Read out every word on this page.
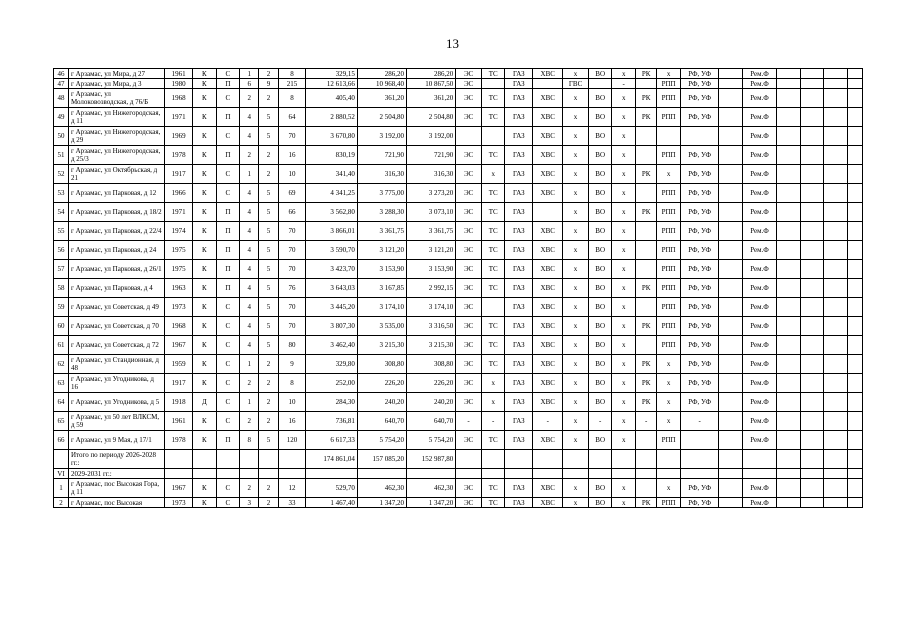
13
46	г Арзамас, ул Мира, д 27	1961	К	С	1	2	8	329,15	286,20	286,20	ЭС	ТС	ГАЗ	ХВС	х	ВО	х	РК	х	РФ, УФ		Рем.Ф				
47	г Арзамас, ул Мира, д 3	1980	К	П	6	9	215	12 613,66	10 968,40	10 867,50	ЭС		ГАЗ		ГВС		-		РПП	РФ, УФ		Рем.Ф				
48	г Арзамас, ул Молоковозводская, д 76/Б	1968	К	С	2	2	8	405,40	361,20	361,20	ЭС	ТС	ГАЗ	ХВС	х	ВО	х	РК	РПП	РФ, УФ		Рем.Ф				
49	г Арзамас, ул Нижегородская, д 11	1971	К	П	4	5	64	2 880,52	2 504,80	2 504,80	ЭС	ТС	ГАЗ	ХВС	х	ВО	х	РК	РПП	РФ, УФ		Рем.Ф				
50	г Арзамас, ул Нижегородская, д 29	1969	К	С	4	5	70	3 670,80	3 192,00	3 192,00			ГАЗ	ХВС	х	ВО	х					Рем.Ф				
51	г Арзамас, ул Нижегородская, д 25/3	1978	К	П	2	2	16	830,19	721,90	721,90	ЭС	ТС	ГАЗ	ХВС	х	ВО	х		РПП	РФ, УФ		Рем.Ф				
52	г Арзамас, ул Октябрьская, д 21	1917	К	С	1	2	10	341,40	316,30	316,30	ЭС	х	ГАЗ	ХВС	х	ВО	х	РК	х	РФ, УФ		Рем.Ф				
53	г Арзамас, ул Парковая, д 12	1966	К	С	4	5	69	4 341,25	3 775,00	3 273,20	ЭС	ТС	ГАЗ	ХВС	х	ВО	х		РПП	РФ, УФ		Рем.Ф				
54	г Арзамас, ул Парковая, д 18/2	1971	К	П	4	5	66	3 562,80	3 288,30	3 073,10	ЭС	ТС	ГАЗ		х	ВО	х	РК	РПП	РФ, УФ		Рем.Ф				
55	г Арзамас, ул Парковая, д 22/4	1974	К	П	4	5	70	3 866,01	3 361,75	3 361,75	ЭС	ТС	ГАЗ	ХВС	х	ВО	х		РПП	РФ, УФ		Рем.Ф				
56	г Арзамас, ул Парковая, д 24	1975	К	П	4	5	70	3 590,70	3 121,20	3 121,20	ЭС	ТС	ГАЗ	ХВС	х	ВО	х		РПП	РФ, УФ		Рем.Ф				
57	г Арзамас, ул Парковая, д 26/1	1975	К	П	4	5	70	3 423,70	3 153,90	3 153,90	ЭС	ТС	ГАЗ	ХВС	х	ВО	х		РПП	РФ, УФ		Рем.Ф				
58	г Арзамас, ул Парковая, д 4	1963	К	П	4	5	76	3 643,03	3 167,85	2 992,15	ЭС	ТС	ГАЗ	ХВС	х	ВО	х	РК	РПП	РФ, УФ		Рем.Ф				
59	г Арзамас, ул Советская, д 49	1973	К	С	4	5	70	3 445,20	3 174,10	3 174,10	ЭС		ГАЗ	ХВС	х	ВО	х		РПП	РФ, УФ		Рем.Ф				
60	г Арзамас, ул Советская, д 70	1968	К	С	4	5	70	3 807,30	3 535,00	3 316,50	ЭС	ТС	ГАЗ	ХВС	х	ВО	х	РК	РПП	РФ, УФ		Рем.Ф				
61	г Арзамас, ул Советская, д 72	1967	К	С	4	5	80	3 462,40	3 215,30	3 215,30	ЭС	ТС	ГАЗ	ХВС	х	ВО	х		РПП	РФ, УФ		Рем.Ф				
62	г Арзамас, ул Стандионная, д 48	1959	К	С	1	2	9	329,80	308,80	308,80	ЭС	ТС	ГАЗ	ХВС	х	ВО	х	РК	х	РФ, УФ		Рем.Ф				
63	г Арзамас, ул Угодникова, д 16	1917	К	С	2	2	8	252,00	226,20	226,20	ЭС	х	ГАЗ	ХВС	х	ВО	х	РК	х	РФ, УФ		Рем.Ф				
64	г Арзамас, ул Угодникова, д 5	1918	Д	С	1	2	10	284,30	240,20	240,20	ЭС	х	ГАЗ	ХВС	х	ВО	х	РК	х	РФ, УФ		Рем.Ф				
65	г Арзамас, ул 50 лет ВЛКСМ, д 59	1961	К	С	2	2	16	736,81	640,70	640,70	-	-	ГАЗ	-	х	-	х	-	х	-		Рем.Ф				
66	г Арзамас, ул 9 Мая, д 17/1	1978	К	П	8	5	120	6 617,33	5 754,20	5 754,20	ЭС	ТС	ГАЗ	ХВС	х	ВО	х		РПП			Рем.Ф				
	Итого по периоду 2026-2028 гг.:							174 861,04	157 085,20	152 987,80																
VI	2029-2031 гг.:																									
1	г Арзамас, пос Высокая Гора, д 11	1967	К	С	2	2	12	529,70	462,30	462,30	ЭС	ТС	ГАЗ	ХВС	х	ВО	х		х	РФ, УФ		Рем.Ф				
2	г Арзамас, пос Высокая	1973	К	С	3	2	33	1 467,40	1 347,20	1 347,20	ЭС	ТС	ГАЗ	ХВС	х	ВО	х	РК	РПП	РФ, УФ		Рем.Ф				
